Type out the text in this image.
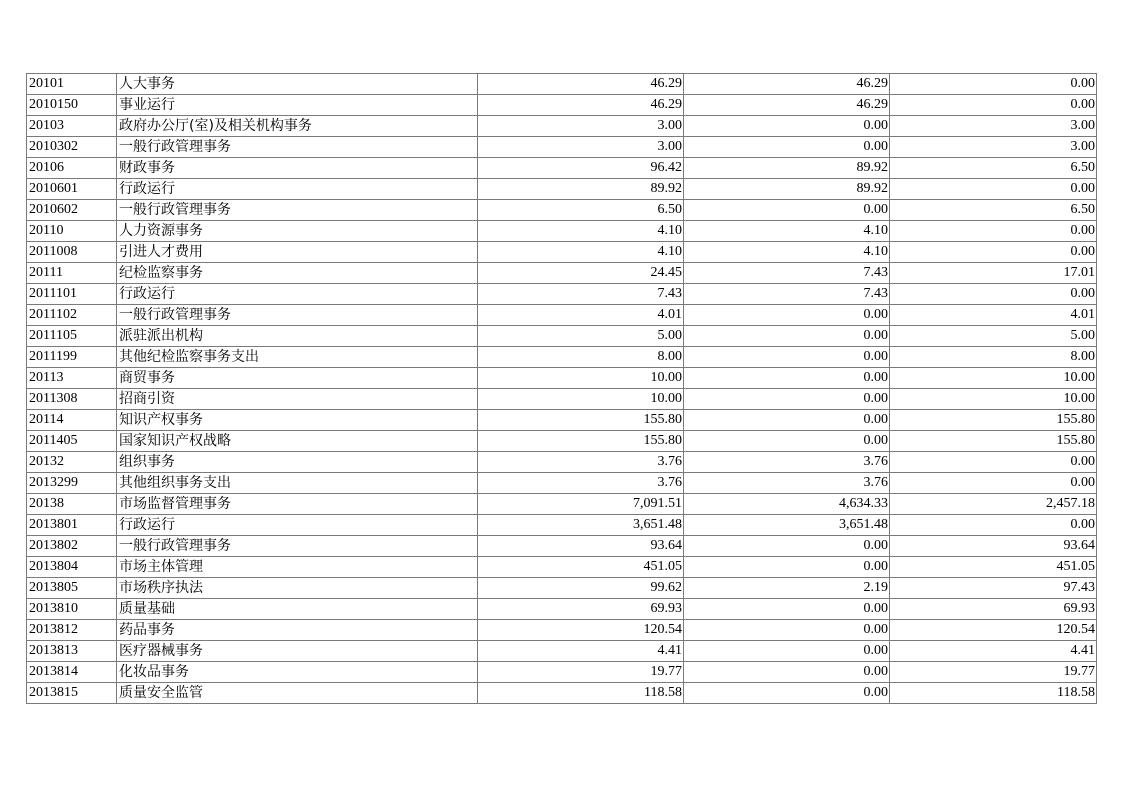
20101	人大事务	46.29	46.29	0.00
2010150	事业运行	46.29	46.29	0.00
20103	政府办公厅(室)及相关机构事务	3.00	0.00	3.00
2010302	一般行政管理事务	3.00	0.00	3.00
20106	财政事务	96.42	89.92	6.50
2010601	行政运行	89.92	89.92	0.00
2010602	一般行政管理事务	6.50	0.00	6.50
20110	人力资源事务	4.10	4.10	0.00
2011008	引进人才费用	4.10	4.10	0.00
20111	纪检监察事务	24.45	7.43	17.01
2011101	行政运行	7.43	7.43	0.00
2011102	一般行政管理事务	4.01	0.00	4.01
2011105	派驻派出机构	5.00	0.00	5.00
2011199	其他纪检监察事务支出	8.00	0.00	8.00
20113	商贸事务	10.00	0.00	10.00
2011308	招商引资	10.00	0.00	10.00
20114	知识产权事务	155.80	0.00	155.80
2011405	国家知识产权战略	155.80	0.00	155.80
20132	组织事务	3.76	3.76	0.00
2013299	其他组织事务支出	3.76	3.76	0.00
20138	市场监督管理事务	7,091.51	4,634.33	2,457.18
2013801	行政运行	3,651.48	3,651.48	0.00
2013802	一般行政管理事务	93.64	0.00	93.64
2013804	市场主体管理	451.05	0.00	451.05
2013805	市场秩序执法	99.62	2.19	97.43
2013810	质量基础	69.93	0.00	69.93
2013812	药品事务	120.54	0.00	120.54
2013813	医疗器械事务	4.41	0.00	4.41
2013814	化妆品事务	19.77	0.00	19.77
2013815	质量安全监管	118.58	0.00	118.58
